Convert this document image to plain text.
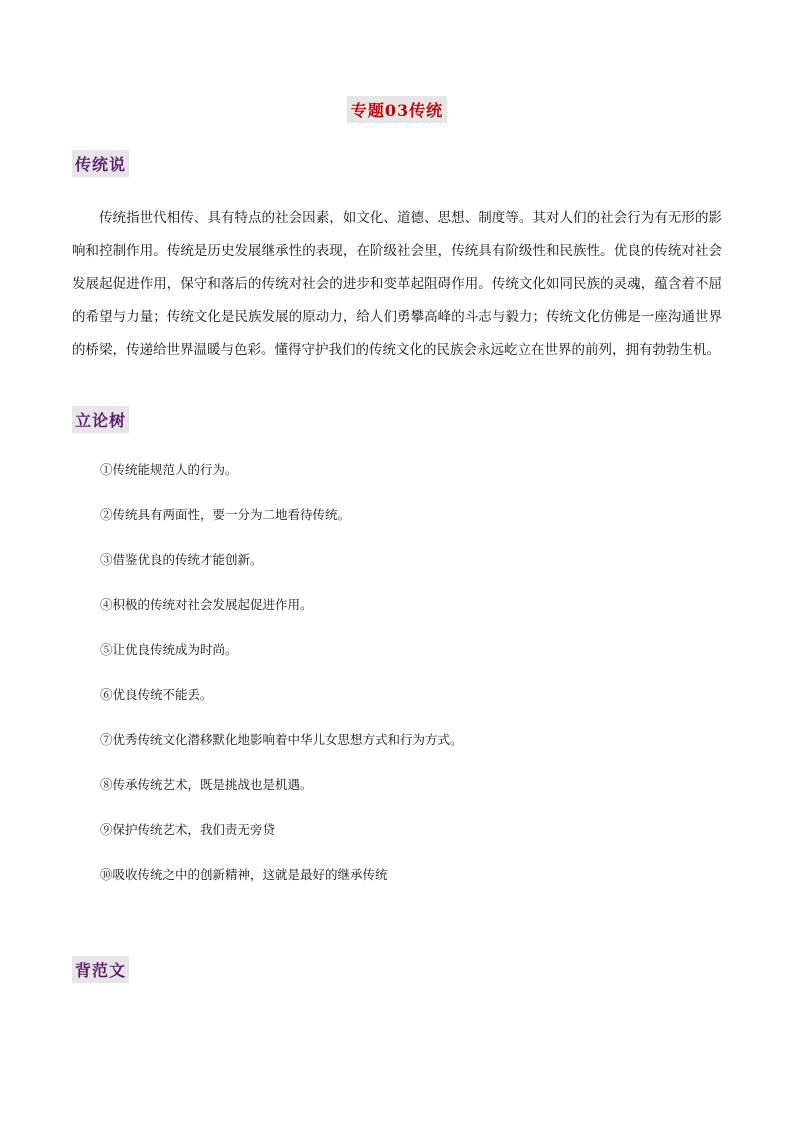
专题03传统
传统说

传统指世代相传、具有特点的社会因素，如文化、道德、思想、制度等。其对人们的社会行为有无形的影响和控制作用。传统是历史发展继承性的表现，在阶级社会里，传统具有阶级性和民族性。优良的传统对社会发展起促进作用，保守和落后的传统对社会的进步和变革起阻碍作用。传统文化如同民族的灵魂，蕴含着不屈的希望与力量；传统文化是民族发展的原动力，给人们勇攀高峰的斗志与毅力；传统文化仿佛是一座沟通世界的桥梁，传递给世界温暖与色彩。懂得守护我们的传统文化的民族会永远屹立在世界的前列，拥有勃勃生机。

立论树
①传统能规范人的行为。
②传统具有两面性，要一分为二地看待传统。
③借鉴优良的传统才能创新。
④积极的传统对社会发展起促进作用。
⑤让优良传统成为时尚。
⑥优良传统不能丢。
⑦优秀传统文化潜移默化地影响着中华儿女思想方式和行为方式。
⑧传承传统艺术，既是挑战也是机遇。
⑨保护传统艺术，我们责无旁贷
⑩吸收传统之中的创新精神，这就是最好的继承传统
背范文
